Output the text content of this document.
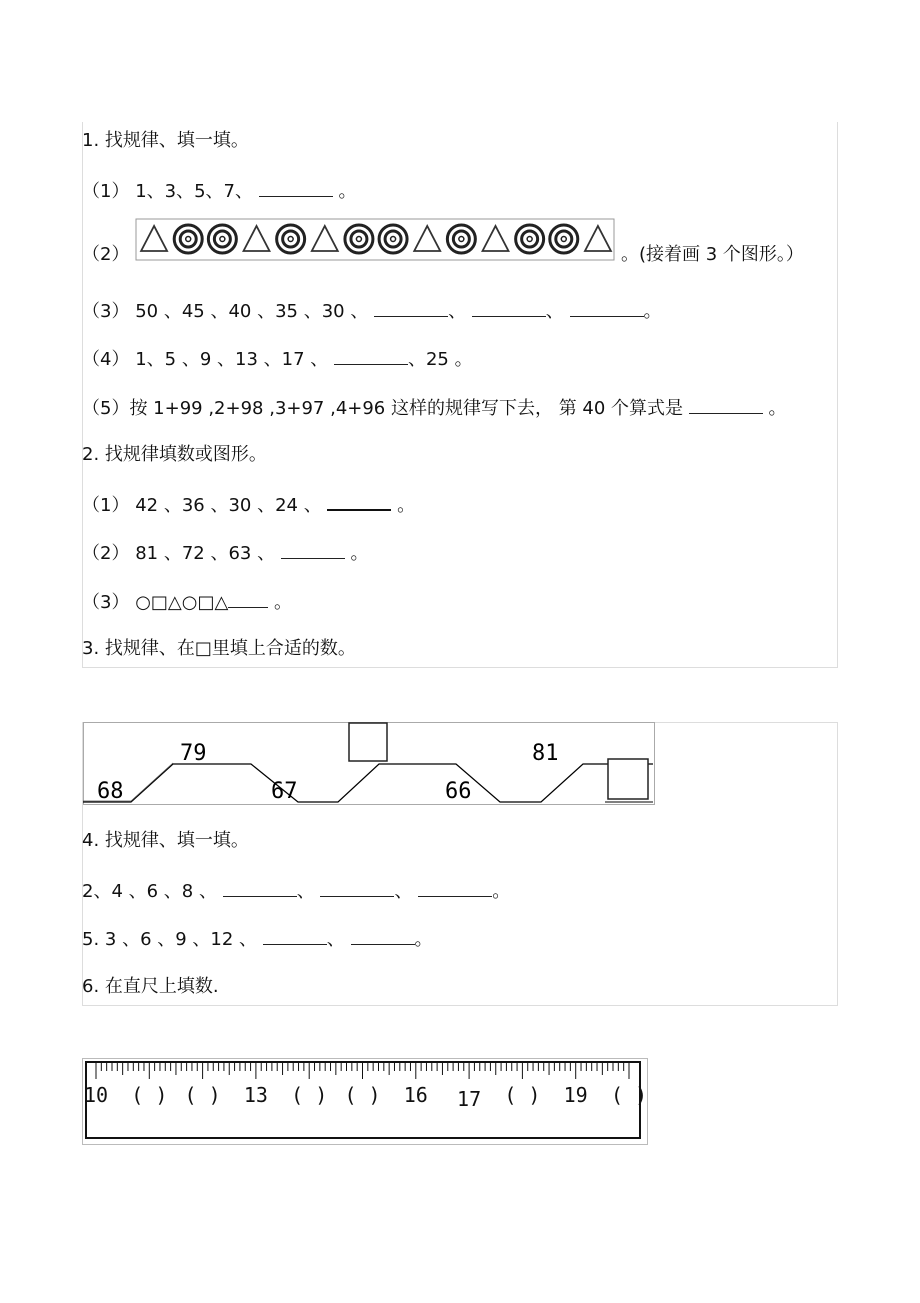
1. 找规律、填一填。
（1） 1、3、5、7、	。
（2）	。(接着画 3 个图形。）
（3） 50 、45 、40 、35 、30 、	、	、	。
（4） 1、5 、9 、13 、17 、	、25 。
（5）按 1+99 ,2+98 ,3+97 ,4+96 这样的规律写下去， 第 40 个算式是	。
2. 找规律填数或图形。
（1） 42 、36 、30 、24 、	。
（2） 81 、72 、63 、	。
（3） ○□△○□△	。
3. 找规律、在□里填上合适的数。
68
79
67	66
81
4. 找规律、填一填。
2、4 、6 、8 、	、	、	。
5. 3 、6 、9 、12 、	、	。
6. 在直尺上填数.
10 ( ) ( ) 13 ( ) ( ) 16 17 ( ) 19 ( )
